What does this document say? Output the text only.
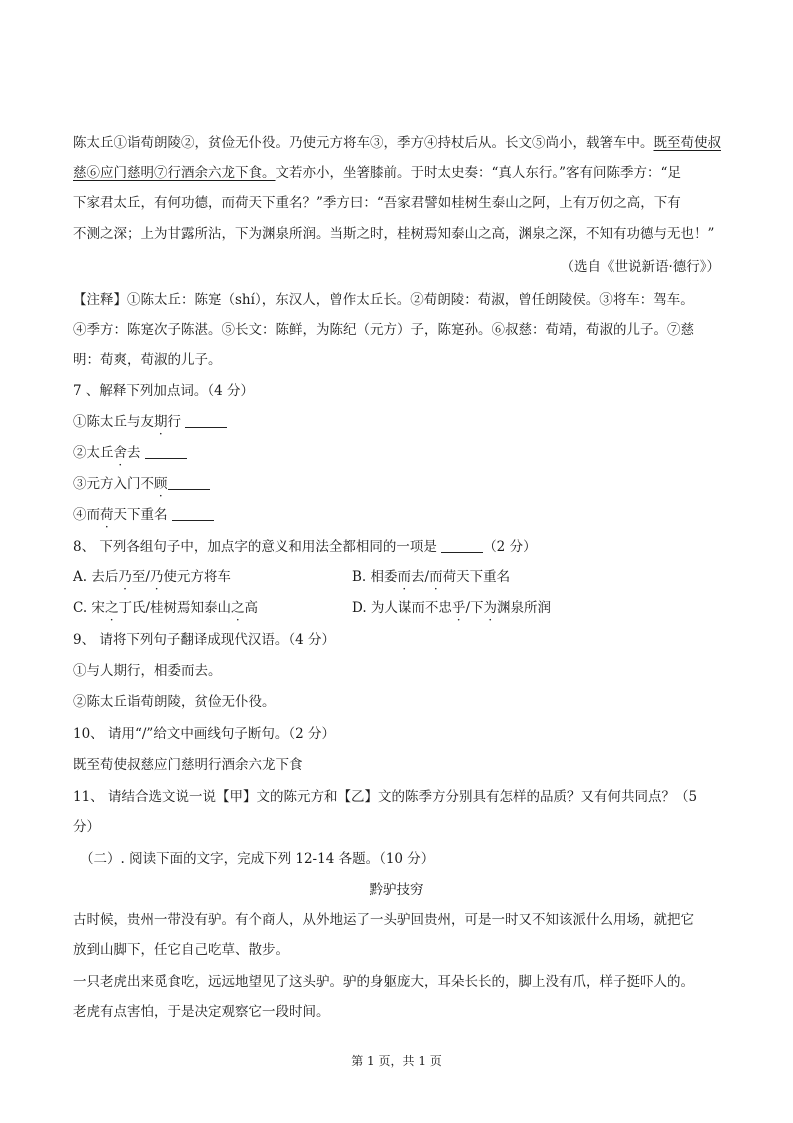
陈太丘①诣荀朗陵②，贫俭无仆役。乃使元方将车③，季方④持杖后从。长文⑤尚小，载箸车中。既至荀使叔
慈⑥应门慈明⑦行酒余六龙下食。文若亦小，坐箸膝前。于时太史奏：“真人东行。”客有问陈季方：“足
下家君太丘，有何功德，而荷天下重名？”季方曰：“吾家君譬如桂树生泰山之阿，上有万仞之高，下有
不测之深；上为甘露所沾，下为渊泉所润。当斯之时，桂树焉知泰山之高，渊泉之深，不知有功德与无也！”
（选自《世说新语·德行》）
【注释】①陈太丘：陈寔（shí），东汉人，曾作太丘长。②荀朗陵：荀淑，曾任朗陵侯。③将车：驾车。
④季方：陈寔次子陈湛。⑤长文：陈鲜，为陈纪（元方）子，陈寔孙。⑥叔慈：荀靖，荀淑的儿子。⑦慈
明：荀爽，荀淑的儿子。
7 、解释下列加点词。（4 分）
①陈太丘与友期行
②太丘舍去
③元方入门不顾
④而荷天下重名
8、 下列各组句子中，加点字的意义和用法全都相同的一项是	（2 分）
A. 去后乃至/乃使元方将车	B. 相委而去/而荷天下重名
C. 宋之丁氏/桂树焉知泰山之高	D. 为人谋而不忠乎/下为渊泉所润
9、 请将下列句子翻译成现代汉语。（4 分）
①与人期行，相委而去。
②陈太丘诣荀朗陵，贫俭无仆役。
10、 请用“/”给文中画线句子断句。（2 分）
既至荀使叔慈应门慈明行酒余六龙下食
11、 请结合选文说一说【甲】文的陈元方和【乙】文的陈季方分别具有怎样的品质？又有何共同点？（5
分）
（二）. 阅读下面的文字，完成下列 12-14 各题。（10 分）
黔驴技穷
古时候，贵州一带没有驴。有个商人，从外地运了一头驴回贵州，可是一时又不知该派什么用场，就把它
放到山脚下，任它自己吃草、散步。
一只老虎出来觅食吃，远远地望见了这头驴。驴的身躯庞大，耳朵长长的，脚上没有爪，样子挺吓人的。
老虎有点害怕，于是决定观察它一段时间。
第 1 页，共 1 页
